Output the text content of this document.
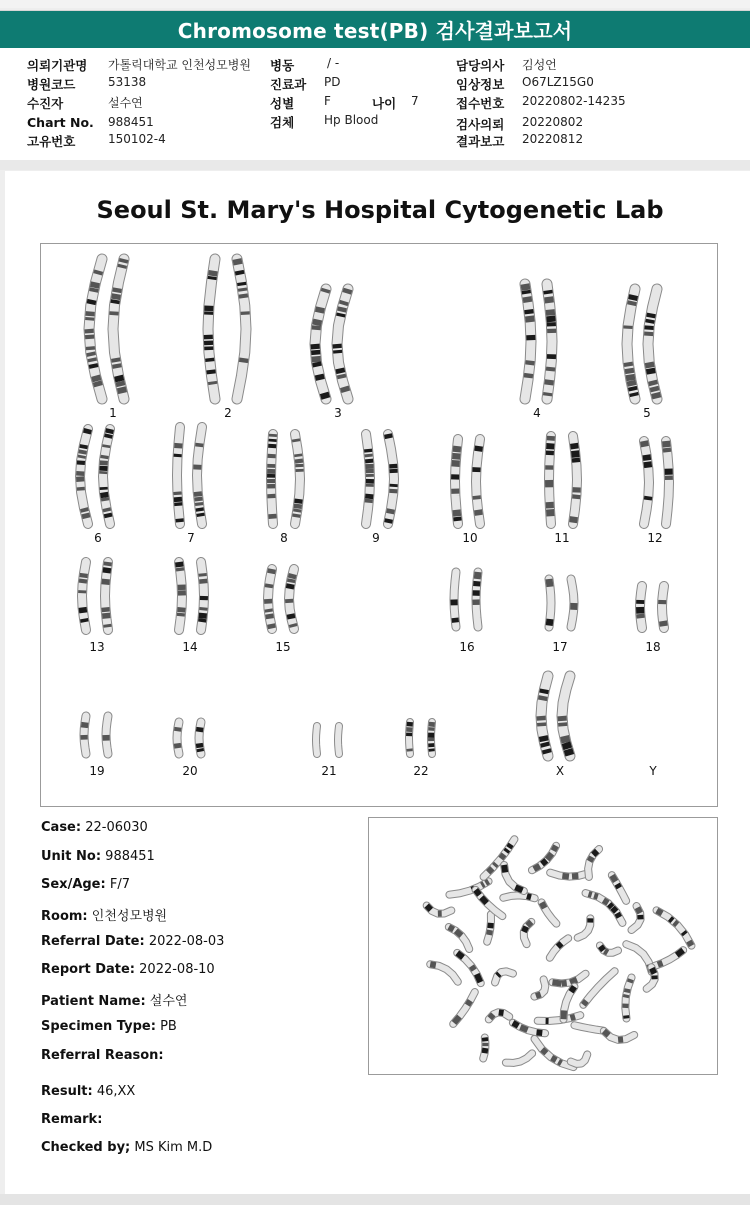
Chromosome test(PB) 검사결과보고서
의뢰기관명 가톨릭대학교 인천성모병원
병원코드	53138
수진자	설수연
Chart No. 988451
고유번호	150102-4
병동	/ -
진료과 PD
성별 F	나이 7
검체 Hp Blood
담당의사 김성언
임상정보 O67LZ15G0
접수번호 20220802-14235
검사의뢰 20220802
결과보고 20220812
Seoul St. Mary's Hospital Cytogenetic Lab
1	2	3	4	5
6	7	8	9	10	11	12
13	14	15	16	17	18
19	20	21	22	X	Y
Case: 22-06030
Unit No: 988451
Sex/Age: F/7
Room: 인천성모병원
Referral Date: 2022-08-03
Report Date: 2022-08-10
Patient Name: 설수연
Specimen Type: PB
Referral Reason:
Result: 46,XX
Remark:
Checked by; MS Kim M.D
